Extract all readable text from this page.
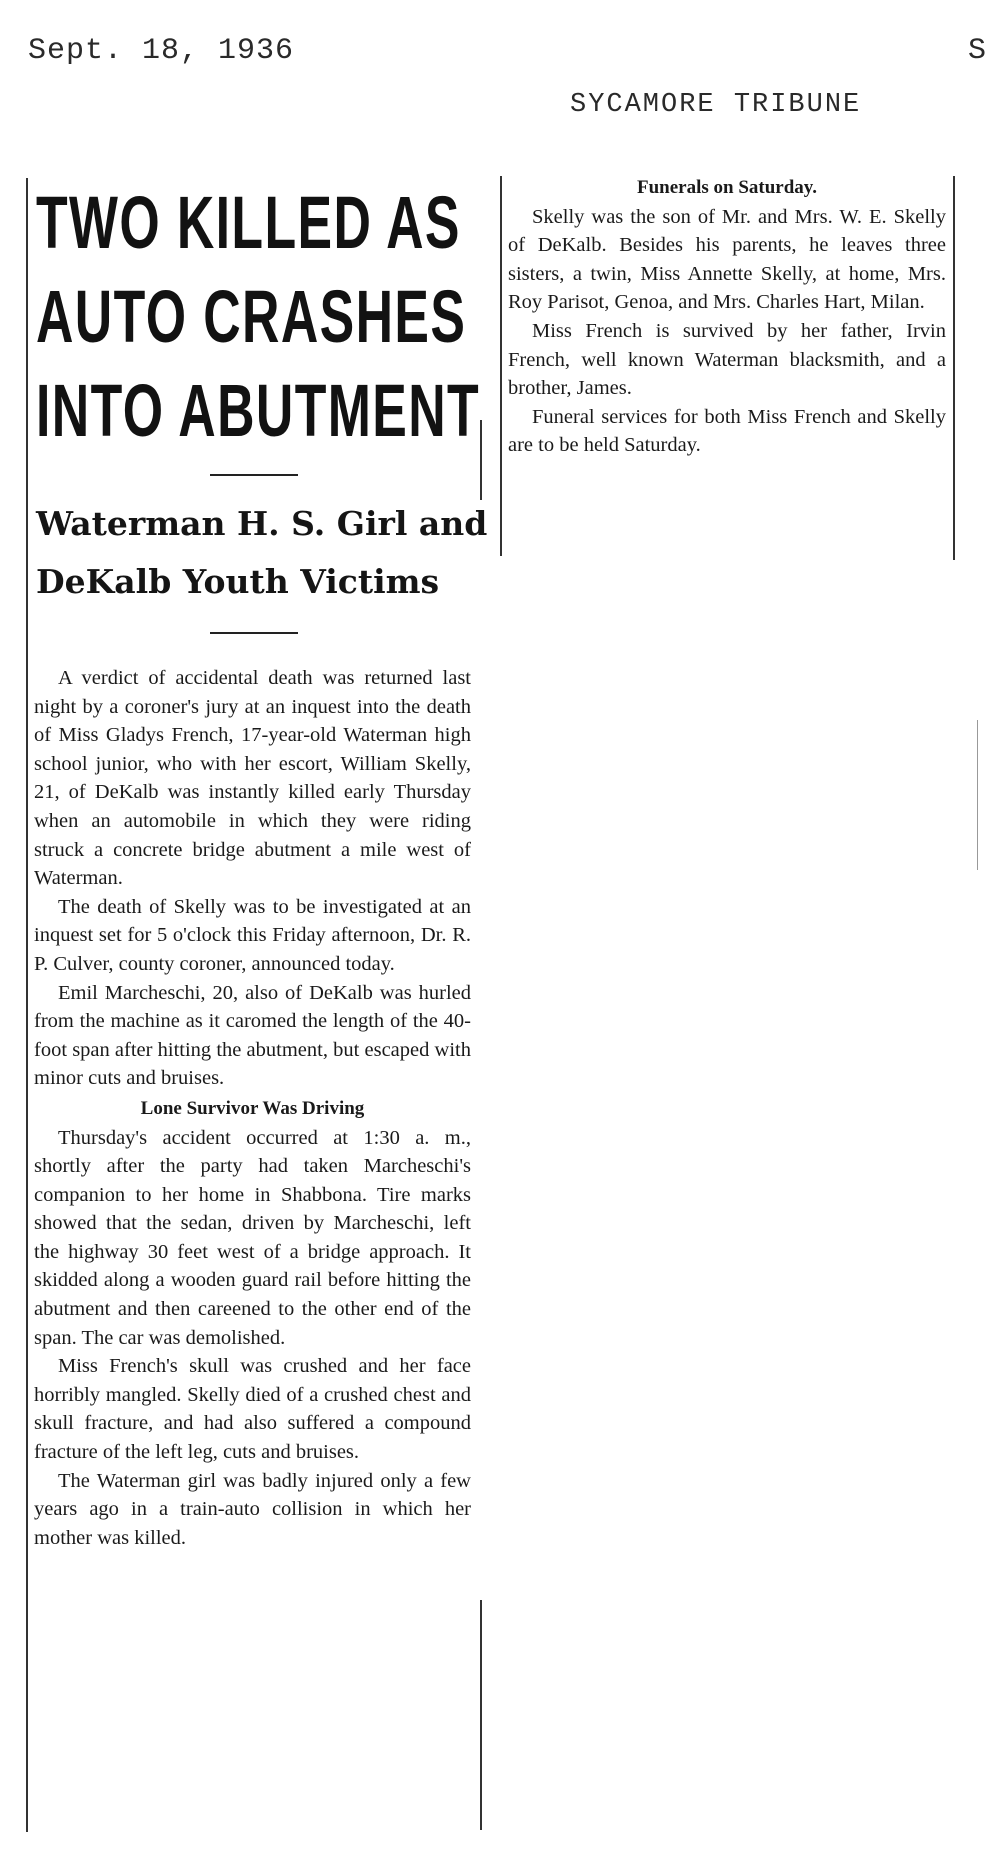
Sept. 18, 1936	S
SYCAMORE TRIBUNE
TWO KILLED AS
AUTO CRASHES
INTO ABUTMENT
Waterman H. S. Girl and
DeKalb Youth Victims

A verdict of accidental death was returned last night by a coroner's jury at an inquest into the death of Miss Gladys French, 17-year-old Waterman high school junior, who with her escort, William Skelly, 21, of DeKalb was instantly killed early Thursday when an automobile in which they were riding struck a concrete bridge abutment a mile west of Waterman.

The death of Skelly was to be investigated at an inquest set for 5 o'clock this Friday afternoon, Dr. R. P. Culver, county coroner, announced today.

Emil Marcheschi, 20, also of DeKalb was hurled from the machine as it caromed the length of the 40-foot span after hitting the abutment, but escaped with minor cuts and bruises.

Lone Survivor Was Driving

Thursday's accident occurred at 1:30 a. m., shortly after the party had taken Marcheschi's companion to her home in Shabbona. Tire marks showed that the sedan, driven by Marcheschi, left the highway 30 feet west of a bridge approach. It skidded along a wooden guard rail before hitting the abutment and then careened to the other end of the span. The car was demolished.

Miss French's skull was crushed and her face horribly mangled. Skelly died of a crushed chest and skull fracture, and had also suffered a compound fracture of the left leg, cuts and bruises.

The Waterman girl was badly injured only a few years ago in a train-auto collision in which her mother was killed.

Funerals on Saturday.

Skelly was the son of Mr. and Mrs. W. E. Skelly of DeKalb. Besides his parents, he leaves three sisters, a twin, Miss Annette Skelly, at home, Mrs. Roy Parisot, Genoa, and Mrs. Charles Hart, Milan.

Miss French is survived by her father, Irvin French, well known Waterman blacksmith, and a brother, James.

Funeral services for both Miss French and Skelly are to be held Saturday.
